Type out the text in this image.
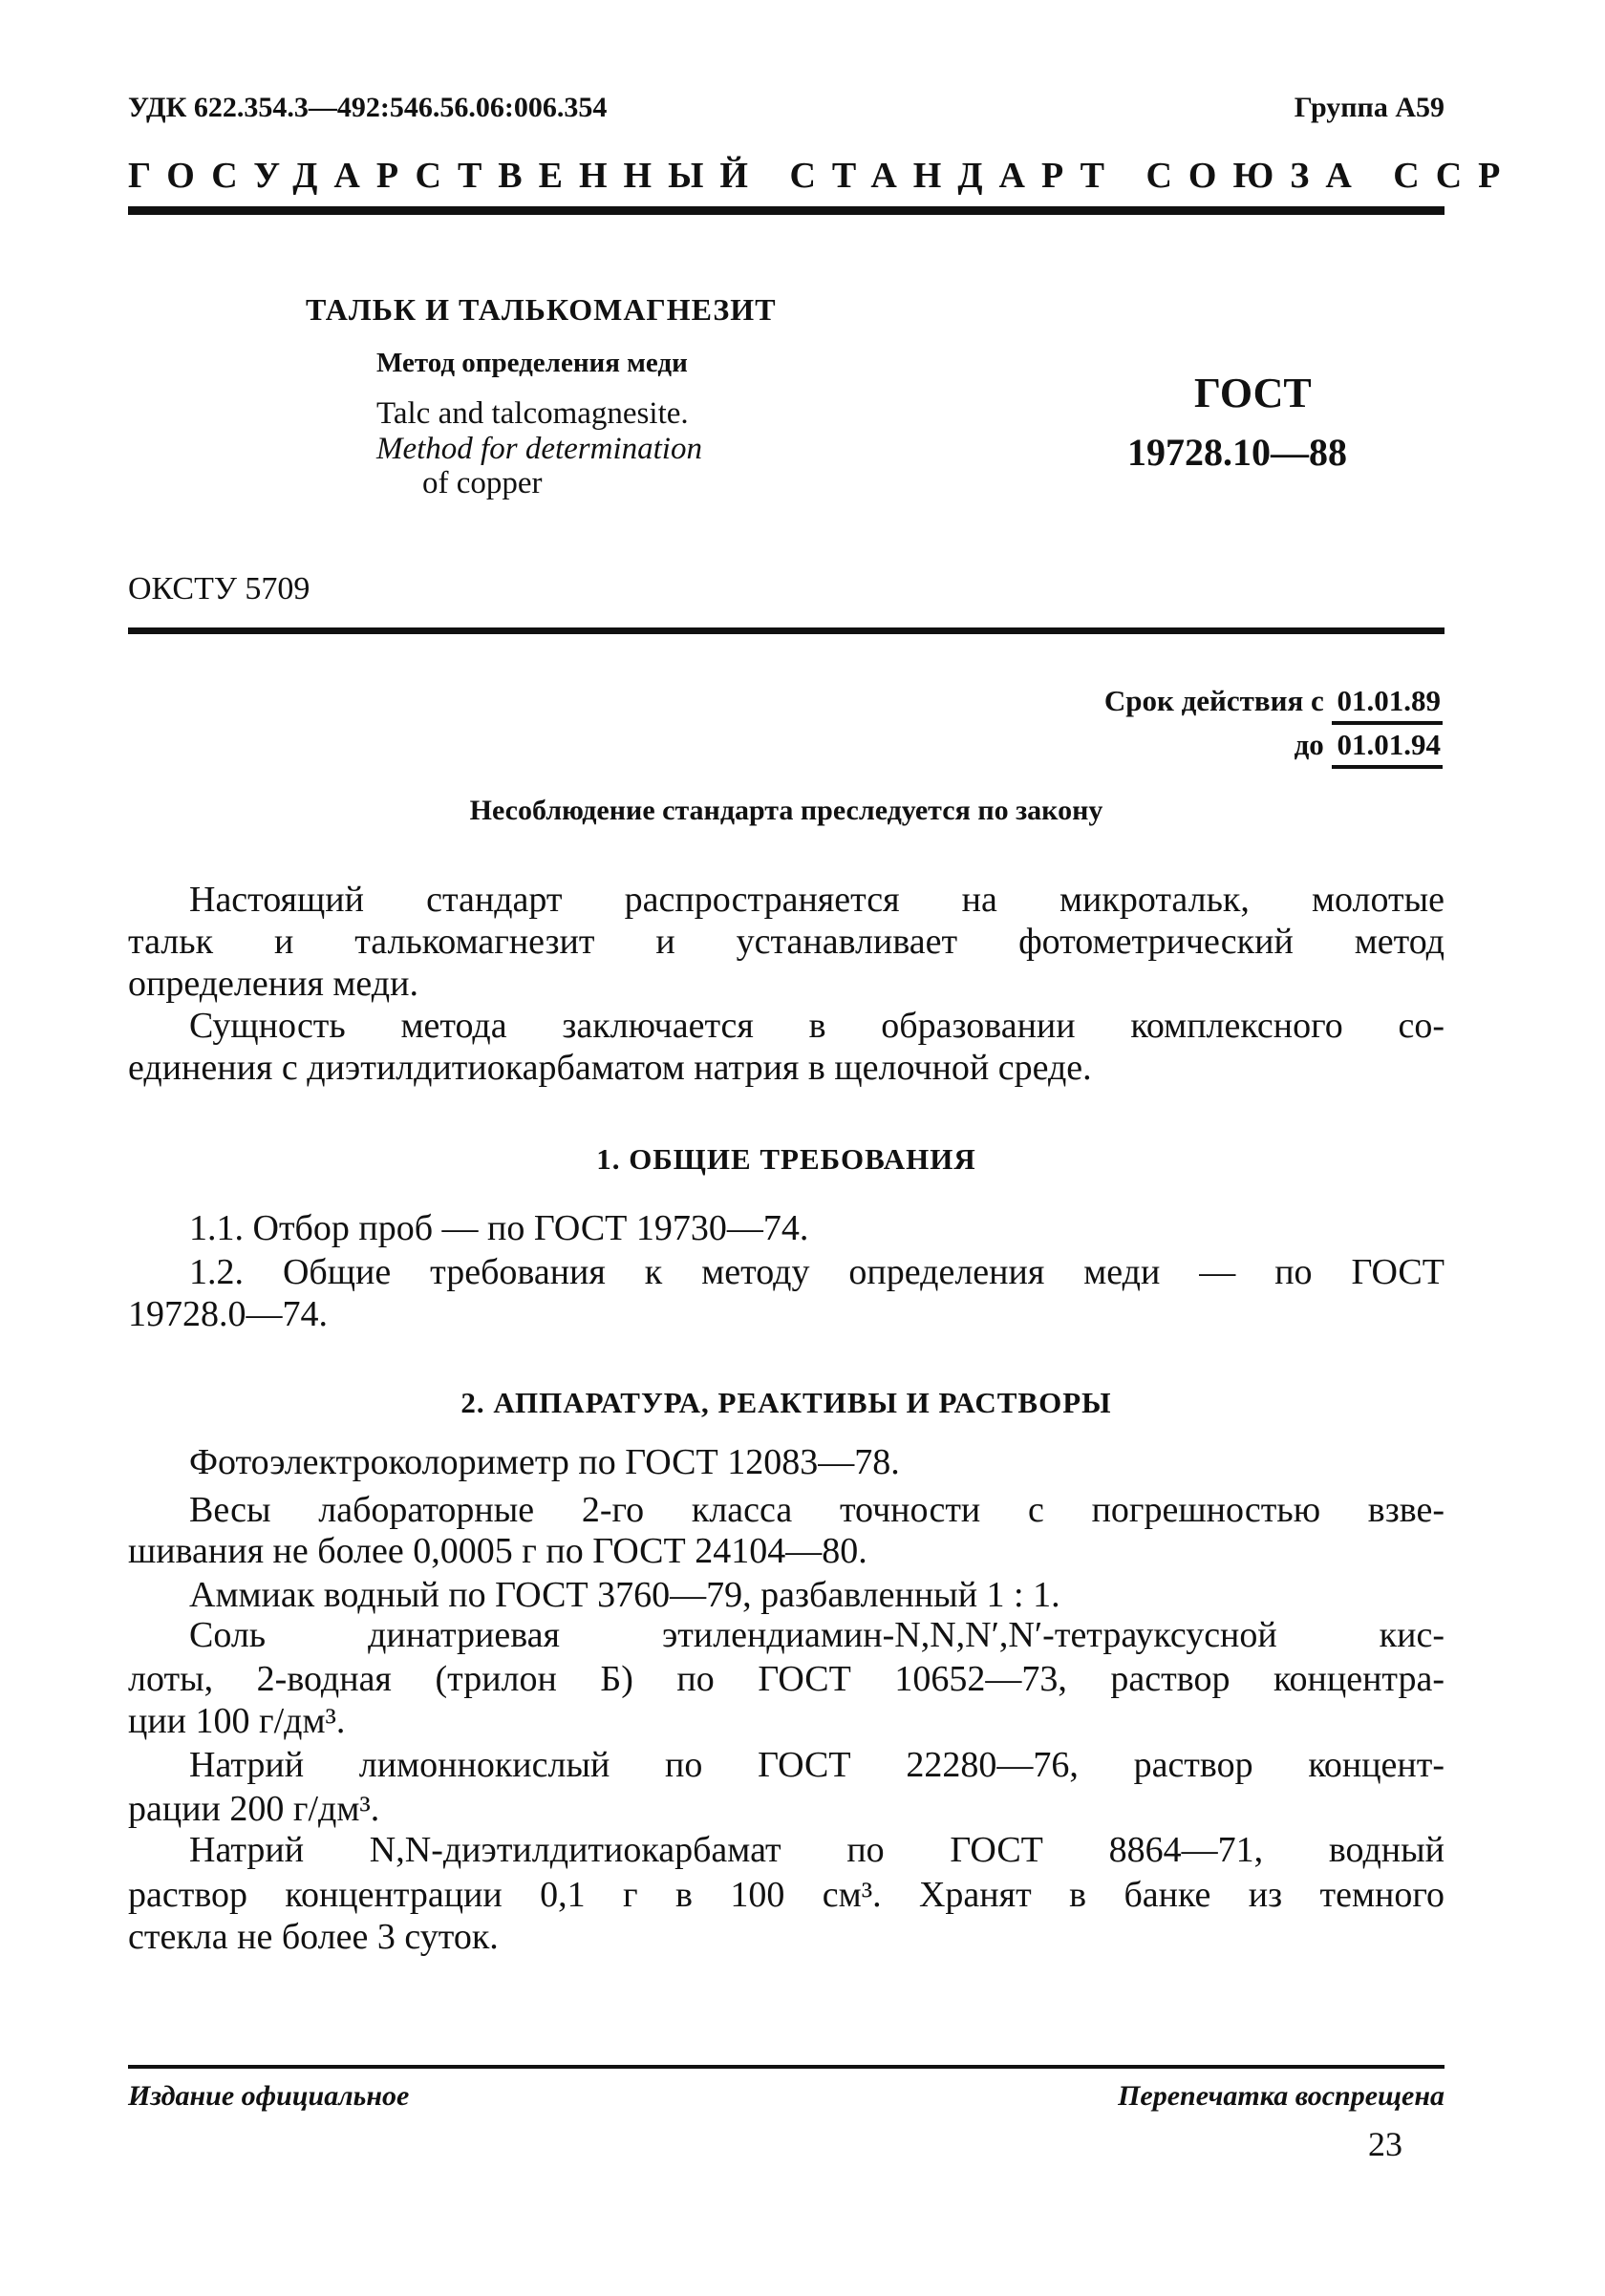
УДК 622.354.3—492:546.56.06:006.354	Группа А59
ГОСУДАРСТВЕННЫЙ СТАНДАРТ СОЮЗА ССР
ТАЛЬК И ТАЛЬКОМАГНЕЗИТ
Метод определения меди
Talc and talcomagnesite.
Method for determination
of copper
ГОСТ
19728.10—88
ОКСТУ 5709
Срок действия с 01.01.89
до 01.01.94
Несоблюдение стандарта преследуется по закону
Настоящий стандарт распространяется на микротальк, молотые
тальк и талькомагнезит и устанавливает фотометрический метод
определения меди.
Сущность метода заключается в образовании комплексного со-
единения с диэтилдитиокарбаматом натрия в щелочной среде.
1. ОБЩИЕ ТРЕБОВАНИЯ
1.1. Отбор проб — по ГОСТ 19730—74.
1.2. Общие требования к методу определения меди — по ГОСТ
19728.0—74.
2. АППАРАТУРА, РЕАКТИВЫ И РАСТВОРЫ
Фотоэлектроколориметр по ГОСТ 12083—78.
Весы лабораторные 2-го класса точности с погрешностью взве-
шивания не более 0,0005 г по ГОСТ 24104—80.
Аммиак водный по ГОСТ 3760—79, разбавленный 1 : 1.
Соль динатриевая этилендиамин-N,N,N′,N′-тетрауксусной кис-
лоты, 2-водная (трилон Б) по ГОСТ 10652—73, раствор концентра-
ции 100 г/дм³.
Натрий лимоннокислый по ГОСТ 22280—76, раствор концент-
рации 200 г/дм³.
Натрий N,N-диэтилдитиокарбамат по ГОСТ 8864—71, водный
раствор концентрации 0,1 г в 100 см³. Хранят в банке из темного
стекла не более 3 суток.
Издание официальное	Перепечатка воспрещена
23
